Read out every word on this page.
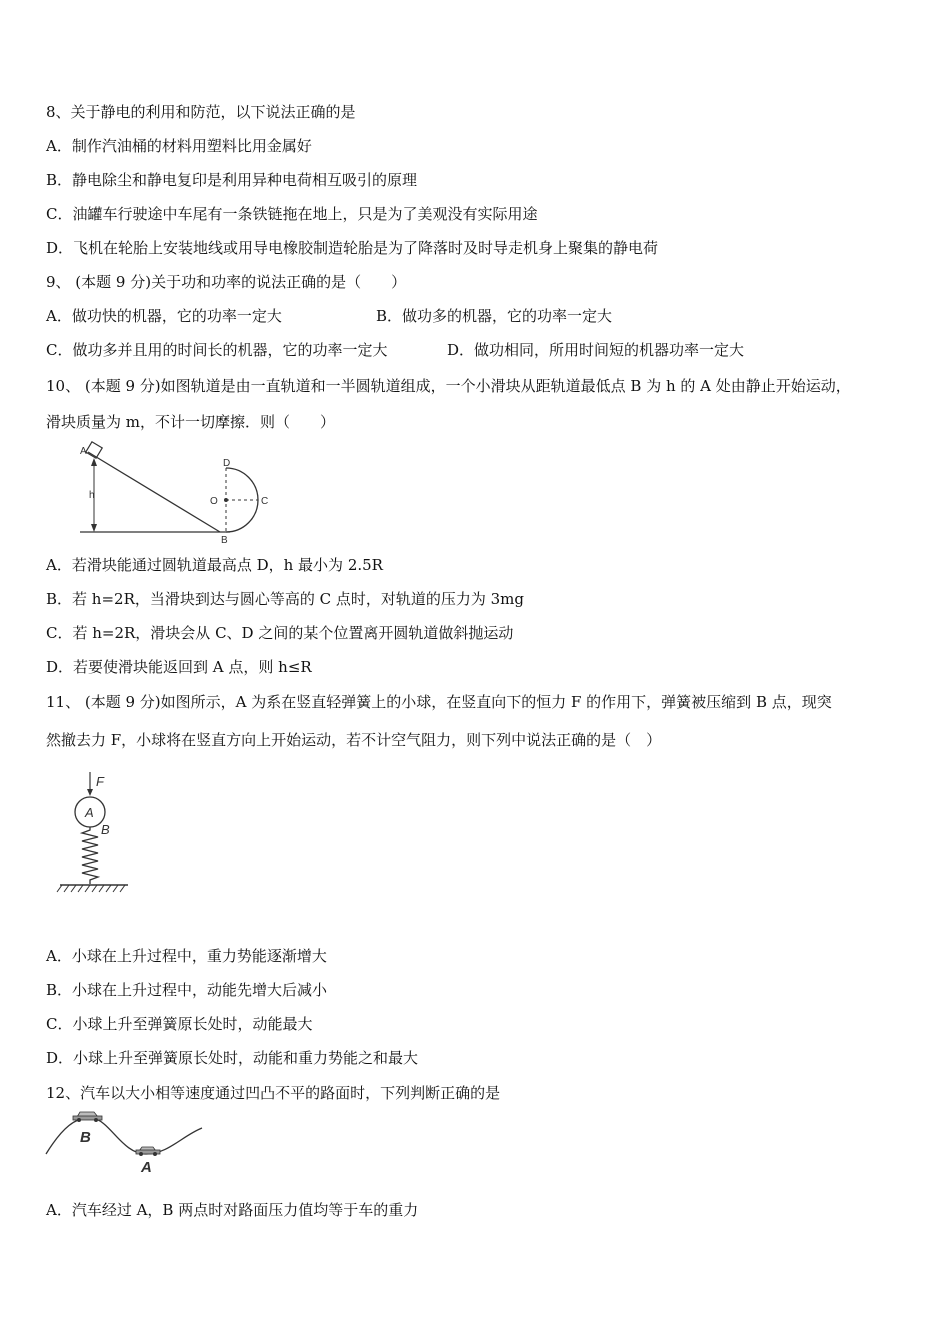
8、关于静电的利用和防范，以下说法正确的是
A．制作汽油桶的材料用塑料比用金属好
B．静电除尘和静电复印是利用异种电荷相互吸引的原理
C．油罐车行驶途中车尾有一条铁链拖在地上，只是为了美观没有实际用途
D．飞机在轮胎上安装地线或用导电橡胶制造轮胎是为了降落时及时导走机身上聚集的静电荷
9、 (本题 9 分)关于功和功率的说法正确的是（　　）
A．做功快的机器，它的功率一定大	B．做功多的机器，它的功率一定大
C．做功多并且用的时间长的机器，它的功率一定大	D．做功相同，所用时间短的机器功率一定大
10、 (本题 9 分)如图轨道是由一直轨道和一半圆轨道组成，一个小滑块从距轨道最低点 B 为 h 的 A 处由静止开始运动，
滑块质量为 m，不计一切摩擦．则（　　）
A
h
D
O	C
B
A．若滑块能通过圆轨道最高点 D，h 最小为 2.5R
B．若 h=2R，当滑块到达与圆心等高的 C 点时，对轨道的压力为 3mg
C．若 h=2R，滑块会从 C、D 之间的某个位置离开圆轨道做斜抛运动
D．若要使滑块能返回到 A 点，则 h≤R
11、 (本题 9 分)如图所示，A 为系在竖直轻弹簧上的小球，在竖直向下的恒力 F 的作用下，弹簧被压缩到 B 点，现突
然撤去力 F，小球将在竖直方向上开始运动，若不计空气阻力，则下列中说法正确的是（　）
F
A
B
A．小球在上升过程中，重力势能逐渐增大
B．小球在上升过程中，动能先增大后减小
C．小球上升至弹簧原长处时，动能最大
D．小球上升至弹簧原长处时，动能和重力势能之和最大
12、汽车以大小相等速度通过凹凸不平的路面时，下列判断正确的是
B
A
A．汽车经过 A，B 两点时对路面压力值均等于车的重力
